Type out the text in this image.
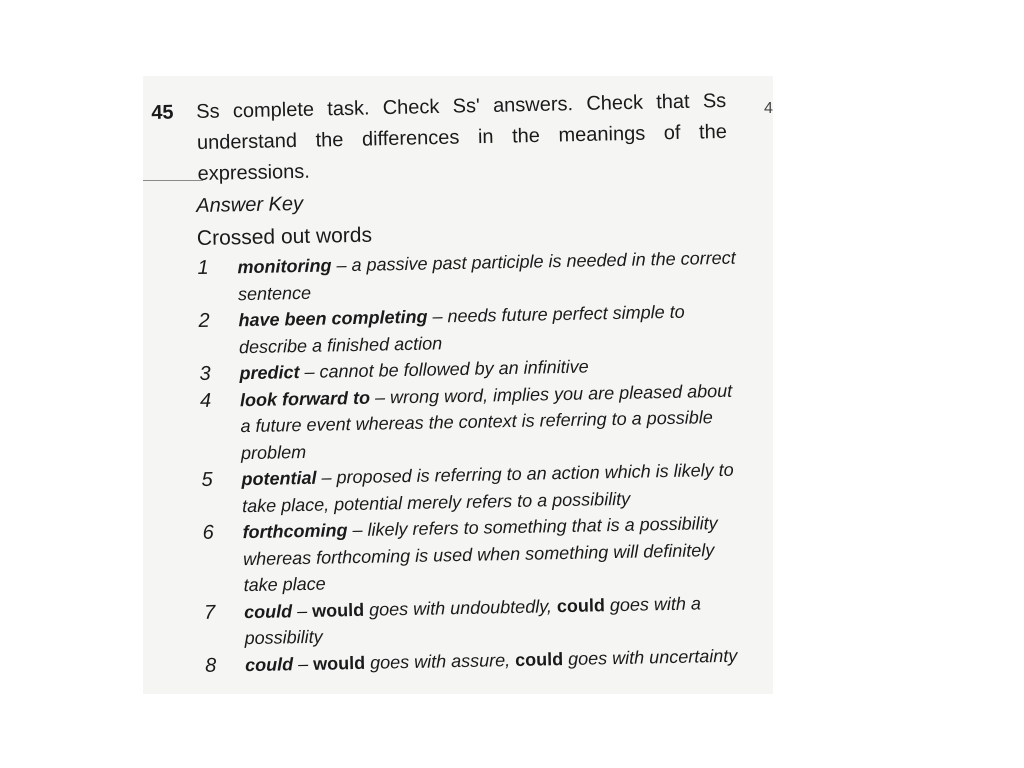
4
45 Ss complete task. Check Ss' answers. Check that Ss understand the differences in the meanings of the expressions.
Answer Key
Crossed out words
1 monitoring – a passive past participle is needed in the correct sentence
2 have been completing – needs future perfect simple to describe a finished action
3 predict – cannot be followed by an infinitive
4 look forward to – wrong word, implies you are pleased about a future event whereas the context is referring to a possible problem
5 potential – proposed is referring to an action which is likely to take place, potential merely refers to a possibility
6 forthcoming – likely refers to something that is a possibility whereas forthcoming is used when something will definitely take place
7 could – would goes with undoubtedly, could goes with a possibility
8 could – would goes with assure, could goes with uncertainty
